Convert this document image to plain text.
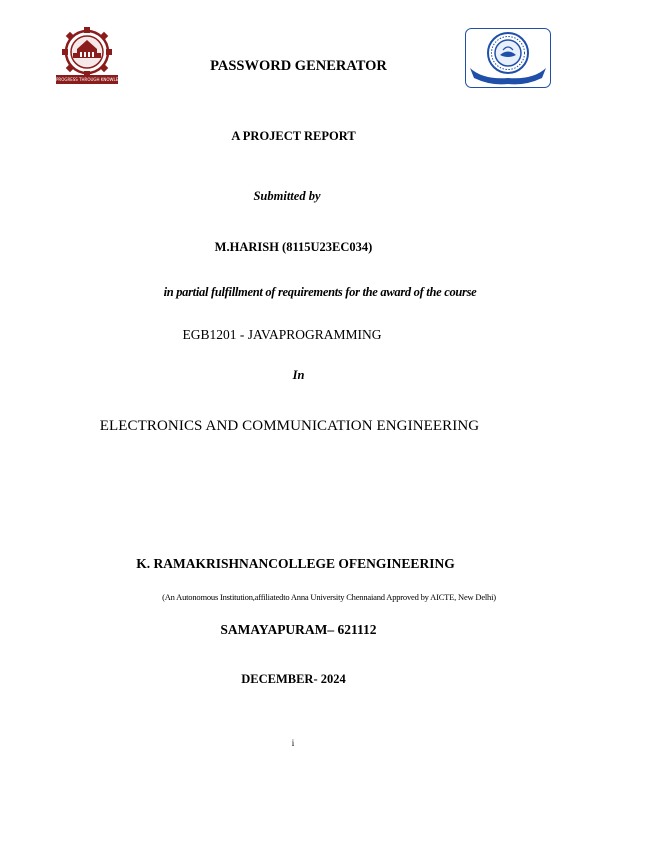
PROGRESS THROUGH KNOWLEDGE
PASSWORD GENERATOR
A PROJECT REPORT
Submitted by
M.HARISH (8115U23EC034)
in partial fulfillment of requirements for the award of the course
EGB1201 - JAVAPROGRAMMING
In
ELECTRONICS AND COMMUNICATION ENGINEERING
K. RAMAKRISHNANCOLLEGE OFENGINEERING
(An Autonomous Institution,affiliatedto Anna University Chennaiand Approved by AICTE, New Delhi)
SAMAYAPURAM– 621112
DECEMBER- 2024
i
